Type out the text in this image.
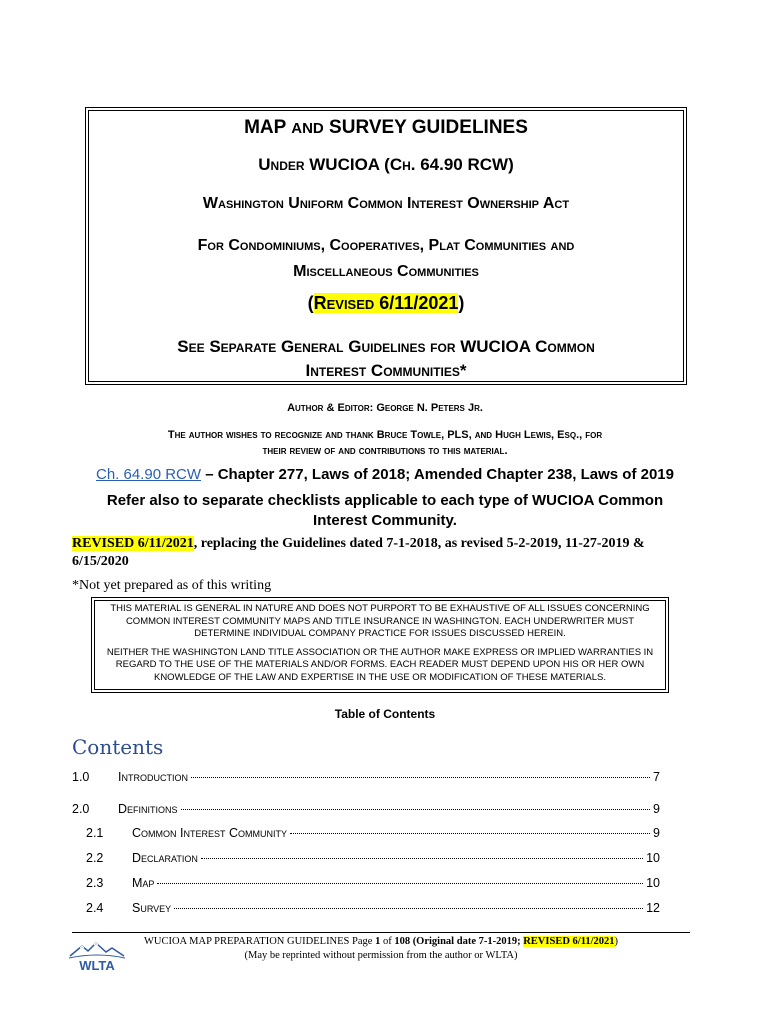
MAP AND SURVEY GUIDELINES
Under WUCIOA (Ch. 64.90 RCW)
Washington Uniform Common Interest Ownership Act
For Condominiums, Cooperatives, Plat Communities and
Miscellaneous Communities
(Revised 6/11/2021)
See Separate General Guidelines for WUCIOA Common
Interest Communities*
Author & Editor: George N. Peters Jr.
The author wishes to recognize and thank Bruce Towle, PLS, and Hugh Lewis, Esq., for
their review of and contributions to this material.
Ch. 64.90 RCW – Chapter 277, Laws of 2018; Amended Chapter 238, Laws of 2019
Refer also to separate checklists applicable to each type of WUCIOA Common
Interest Community.
REVISED 6/11/2021, replacing the Guidelines dated 7-1-2018, as revised 5-2-2019, 11-27-2019 & 6/15/2020
*Not yet prepared as of this writing

THIS MATERIAL IS GENERAL IN NATURE AND DOES NOT PURPORT TO BE EXHAUSTIVE OF ALL ISSUES CONCERNING COMMON INTEREST COMMUNITY MAPS AND TITLE INSURANCE IN WASHINGTON. EACH UNDERWRITER MUST DETERMINE INDIVIDUAL COMPANY PRACTICE FOR ISSUES DISCUSSED HEREIN.

NEITHER THE WASHINGTON LAND TITLE ASSOCIATION OR THE AUTHOR MAKE EXPRESS OR IMPLIED WARRANTIES IN REGARD TO THE USE OF THE MATERIALS AND/OR FORMS. EACH READER MUST DEPEND UPON HIS OR HER OWN KNOWLEDGE OF THE LAW AND EXPERTISE IN THE USE OR MODIFICATION OF THESE MATERIALS.

Table of Contents
Contents
1.0	Introduction	7
2.0	Definitions	9
2.1	Common Interest Community	9
2.2	Declaration	10
2.3	Map	10
2.4	Survey	12
WLTA
WUCIOA MAP PREPARATION GUIDELINES Page 1 of 108 (Original date 7-1-2019; REVISED 6/11/2021)
(May be reprinted without permission from the author or WLTA)
